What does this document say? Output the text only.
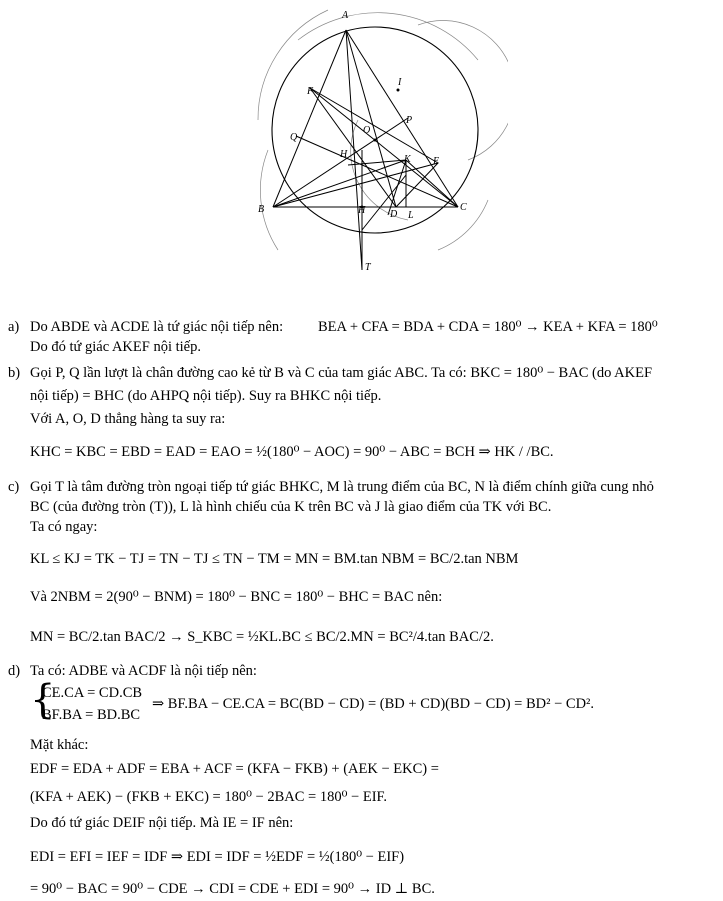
A
B	C
D
E
F
H
I
K
L
O
P
Q
T
H
a) Do ABDE và ACDE là tứ giác nội tiếp nên: BEA + CFA = BDA + CDA = 180⁰ → KEA + KFA = 180⁰
Do đó tứ giác AKEF nội tiếp.
b) Gọi P, Q lần lượt là chân đường cao kẻ từ B và C của tam giác ABC. Ta có: BKC = 180⁰ − BAC (do AKEF
nội tiếp) = BHC (do AHPQ nội tiếp). Suy ra BHKC nội tiếp.
Với A, O, D thẳng hàng ta suy ra:
KHC = KBC = EBD = EAD = EAO = ½(180⁰ − AOC) = 90⁰ − ABC = BCH ⇒ HK / /BC.
c) Gọi T là tâm đường tròn ngoại tiếp tứ giác BHKC, M là trung điểm của BC, N là điểm chính giữa cung nhỏ
BC (của đường tròn (T)), L là hình chiếu của K trên BC và J là giao điểm của TK với BC.
Ta có ngay:
KL ≤ KJ = TK − TJ = TN − TJ ≤ TN − TM = MN = BM.tan NBM = BC/2.tan NBM
Và 2NBM = 2(90⁰ − BNM) = 180⁰ − BNC = 180⁰ − BHC = BAC nên:
MN = BC/2.tan BAC/2 → S_KBC = ½KL.BC ≤ BC/2.MN = BC²/4.tan BAC/2.
d) Ta có: ADBE và ACDF là nội tiếp nên:
{
CE.CA = CD.CB
BF.BA = BD.BC
⇒ BF.BA − CE.CA = BC(BD − CD) = (BD + CD)(BD − CD) = BD² − CD².
Mặt khác:
EDF = EDA + ADF = EBA + ACF = (KFA − FKB) + (AEK − EKC) =
(KFA + AEK) − (FKB + EKC) = 180⁰ − 2BAC = 180⁰ − EIF.
Do đó tứ giác DEIF nội tiếp. Mà IE = IF nên:
EDI = EFI = IEF = IDF ⇒ EDI = IDF = ½EDF = ½(180⁰ − EIF)
= 90⁰ − BAC = 90⁰ − CDE → CDI = CDE + EDI = 90⁰ → ID ⊥ BC.
